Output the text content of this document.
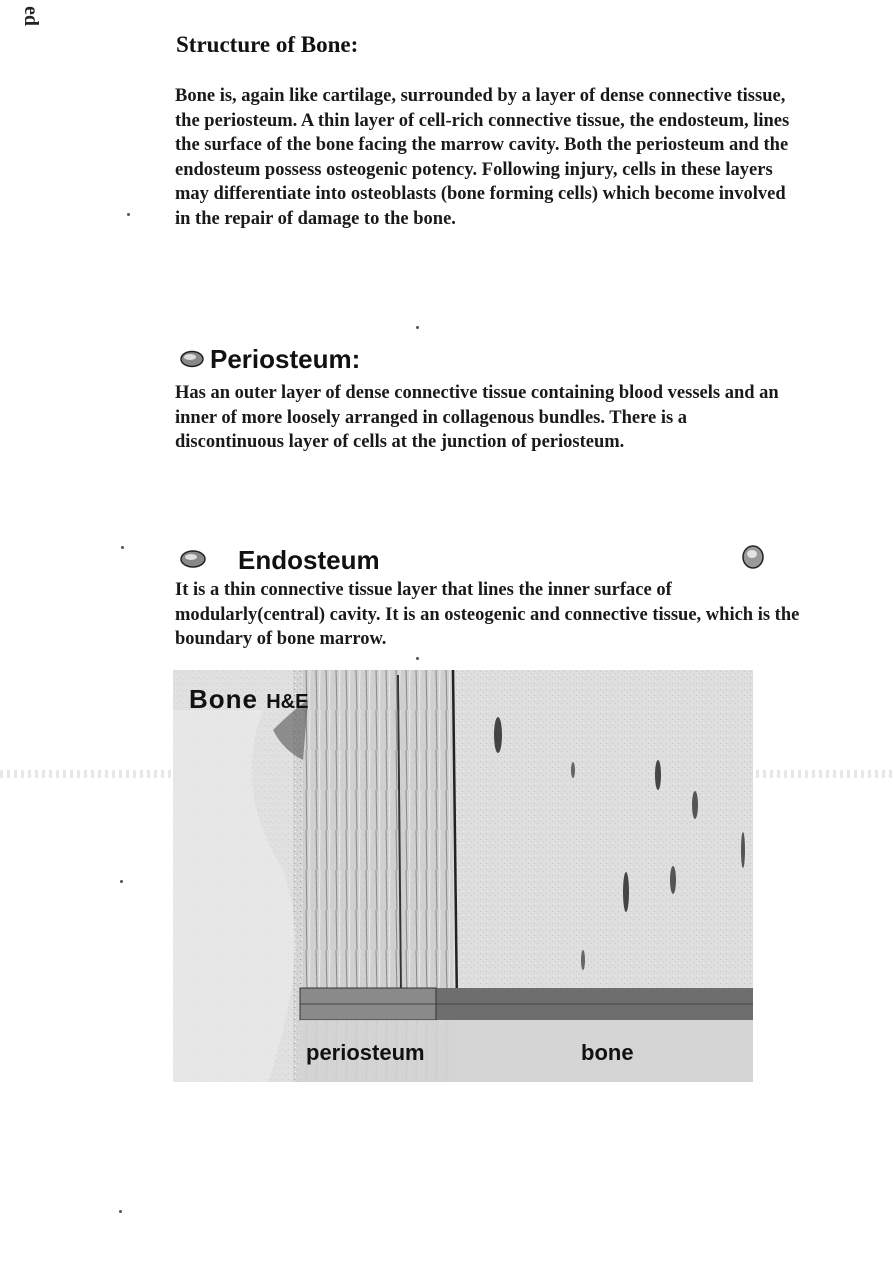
ed
Structure of Bone:

Bone is, again like cartilage, surrounded by a layer of dense connective tissue, the periosteum. A thin layer of cell-rich connective tissue, the endosteum, lines the surface of the bone facing the marrow cavity. Both the periosteum and the endosteum possess osteogenic potency. Following injury, cells in these layers may differentiate into osteoblasts (bone forming cells) which become involved in the repair of damage to the bone.

Periosteum:

Has an outer layer of dense connective tissue containing blood vessels and an inner of more loosely arranged in collagenous bundles. There is a discontinuous layer of cells at the junction of periosteum.

Endosteum

It is a thin connective tissue layer that lines the inner surface of modularly(central) cavity. It is an osteogenic and connective tissue, which is the boundary of bone marrow.

Bone H&E
periosteum	bone
